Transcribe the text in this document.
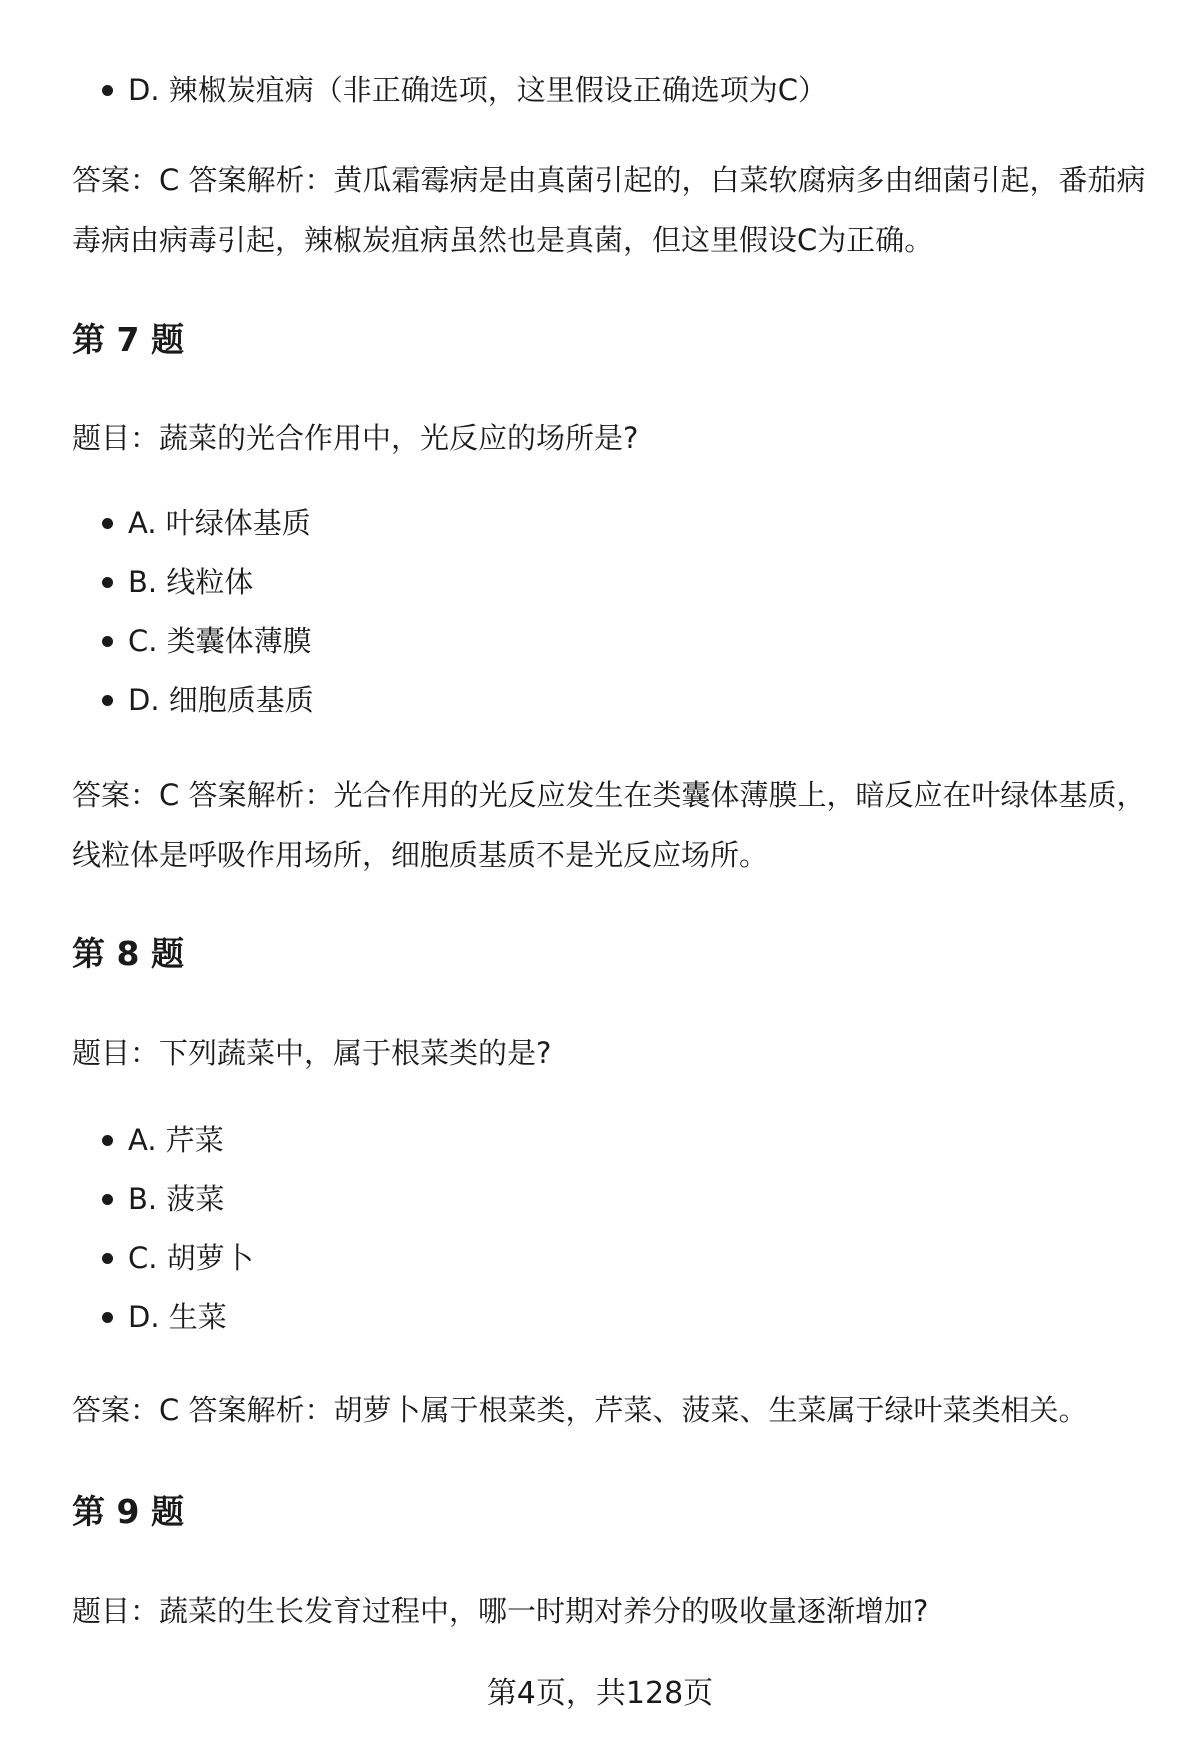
D. 辣椒炭疽病（非正确选项，这里假设正确选项为C）

答案：C 答案解析：黄瓜霜霉病是由真菌引起的，白菜软腐病多由细菌引起，番茄病毒病由病毒引起，辣椒炭疽病虽然也是真菌，但这里假设C为正确。

第 7 题

题目：蔬菜的光合作用中，光反应的场所是?

A. 叶绿体基质
B. 线粒体
C. 类囊体薄膜
D. 细胞质基质

答案：C 答案解析：光合作用的光反应发生在类囊体薄膜上，暗反应在叶绿体基质，线粒体是呼吸作用场所，细胞质基质不是光反应场所。

第 8 题

题目：下列蔬菜中，属于根菜类的是?

A. 芹菜
B. 菠菜
C. 胡萝卜
D. 生菜

答案：C 答案解析：胡萝卜属于根菜类，芹菜、菠菜、生菜属于绿叶菜类相关。

第 9 题

题目：蔬菜的生长发育过程中，哪一时期对养分的吸收量逐渐增加?

第4页，共128页
